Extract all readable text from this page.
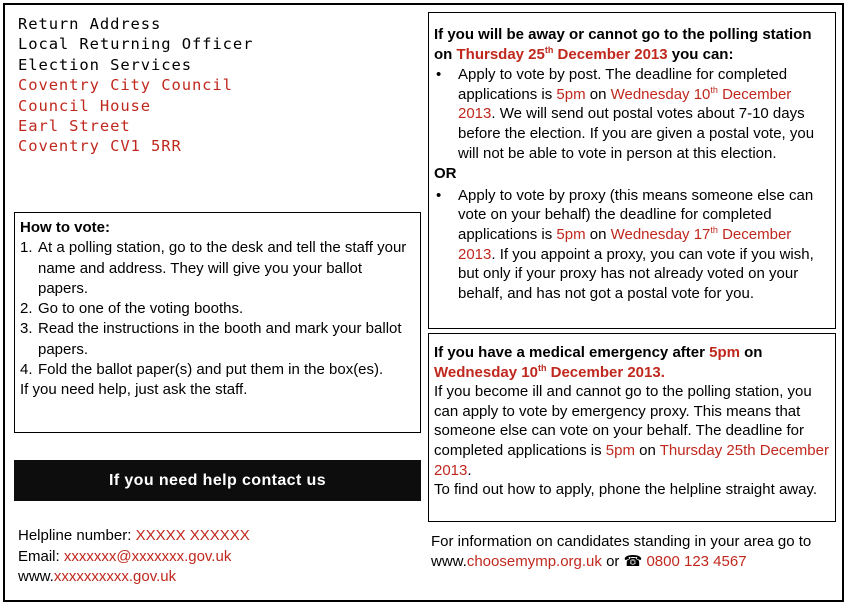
Return Address
Local Returning Officer
Election Services
Coventry City Council
Council House
Earl Street
Coventry CV1 5RR
How to vote:
1. At a polling station, go to the desk and tell the staff your name and address. They will give you your ballot papers.
2. Go to one of the voting booths.
3. Read the instructions in the booth and mark your ballot papers.
4. Fold the ballot paper(s) and put them in the box(es).
If you need help, just ask the staff.
If you need help contact us
Helpline number: XXXXX XXXXXX
Email: xxxxxxx@xxxxxxx.gov.uk
www.xxxxxxxxxx.gov.uk
If you will be away or cannot go to the polling station on Thursday 25th December 2013 you can:
• Apply to vote by post. The deadline for completed applications is 5pm on Wednesday 10th December 2013. We will send out postal votes about 7-10 days before the election. If you are given a postal vote, you will not be able to vote in person at this election.
OR
• Apply to vote by proxy (this means someone else can vote on your behalf) the deadline for completed applications is 5pm on Wednesday 17th December 2013. If you appoint a proxy, you can vote if you wish, but only if your proxy has not already voted on your behalf, and has not got a postal vote for you.
If you have a medical emergency after 5pm on Wednesday 10th December 2013.
If you become ill and cannot go to the polling station, you can apply to vote by emergency proxy. This means that someone else can vote on your behalf. The deadline for completed applications is 5pm on Thursday 25th December 2013.
To find out how to apply, phone the helpline straight away.
For information on candidates standing in your area go to www.choosemymp.org.uk or ☎ 0800 123 4567
